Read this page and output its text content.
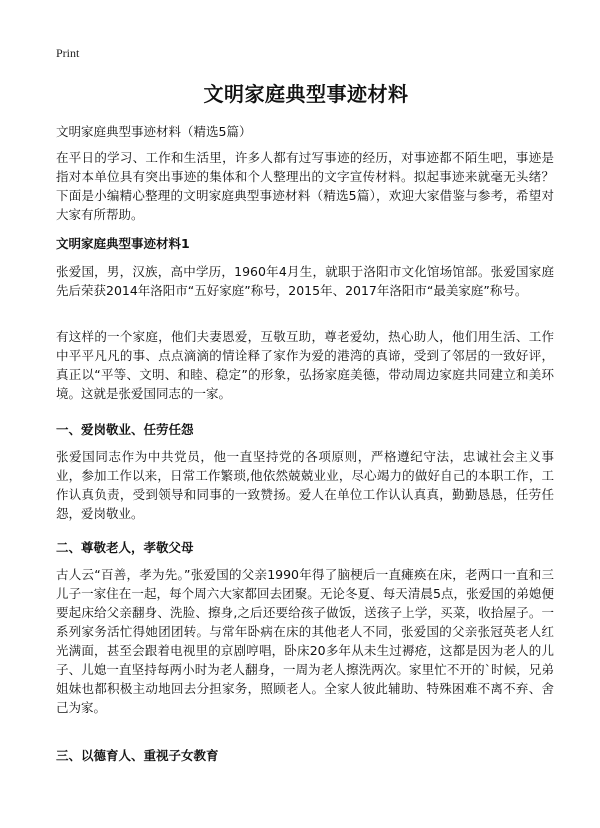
Print
文明家庭典型事迹材料
文明家庭典型事迹材料（精选5篇）

在平日的学习、工作和生活里，许多人都有过写事迹的经历，对事迹都不陌生吧，事迹是指对本单位具有突出事迹的集体和个人整理出的文字宣传材料。拟起事迹来就毫无头绪？下面是小编精心整理的文明家庭典型事迹材料（精选5篇），欢迎大家借鉴与参考，希望对大家有所帮助。

文明家庭典型事迹材料1

张爱国，男，汉族，高中学历，1960年4月生，就职于洛阳市文化馆场馆部。张爱国家庭先后荣获2014年洛阳市“五好家庭”称号，2015年、2017年洛阳市“最美家庭”称号。

有这样的一个家庭，他们夫妻恩爱，互敬互助，尊老爱幼，热心助人，他们用生活、工作中平平凡凡的事、点点滴滴的情诠释了家作为爱的港湾的真谛，受到了邻居的一致好评，真正以“平等、文明、和睦、稳定”的形象，弘扬家庭美德，带动周边家庭共同建立和美环境。这就是张爱国同志的一家。

一、爱岗敬业、任劳任怨

张爱国同志作为中共党员，他一直坚持党的各项原则，严格遵纪守法，忠诚社会主义事业，参加工作以来，日常工作繁琐,他依然兢兢业业，尽心竭力的做好自己的本职工作，工作认真负责，受到领导和同事的一致赞扬。爱人在单位工作认认真真，勤勤恳恳，任劳任怨，爱岗敬业。

二、尊敬老人，孝敬父母

古人云“百善，孝为先。”张爱国的父亲1990年得了脑梗后一直瘫痪在床，老两口一直和三儿子一家住在一起，每个周六大家都回去团聚。无论冬夏、每天清晨5点，张爱国的弟媳便要起床给父亲翻身、洗脸、擦身,之后还要给孩子做饭，送孩子上学，买菜，收拾屋子。一系列家务活忙得她团团转。与常年卧病在床的其他老人不同，张爱国的父亲张冠英老人红光满面，甚至会跟着电视里的京剧哼唱，卧床20多年从未生过褥疮，这都是因为老人的儿子、儿媳一直坚持每两小时为老人翻身，一周为老人擦洗两次。家里忙不开的`时候，兄弟姐妹也都积极主动地回去分担家务，照顾老人。全家人彼此辅助、特殊困难不离不弃、舍己为家。

三、以德育人、重视子女教育
